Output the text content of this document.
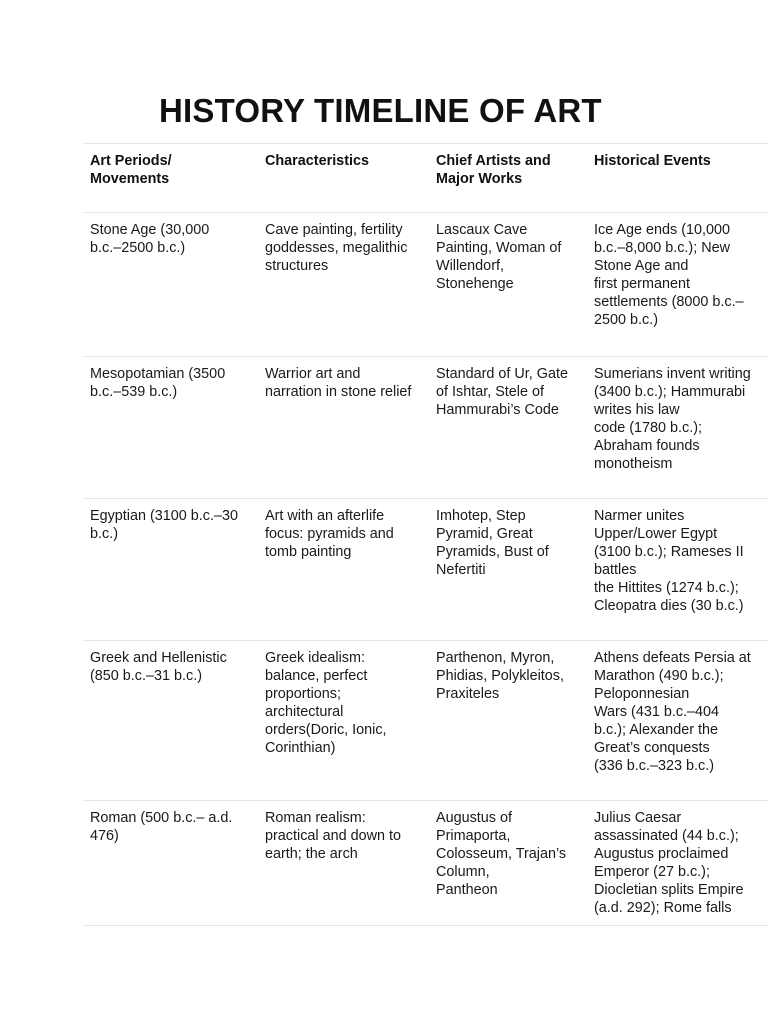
HISTORY TIMELINE OF ART
Art Periods/
Movements
Characteristics	Chief Artists and
Major Works
Historical Events
Stone Age (30,000
b.c.–2500 b.c.)
Cave painting, fertility
goddesses, megalithic
structures
Lascaux Cave
Painting, Woman of
Willendorf,
Stonehenge
Ice Age ends (10,000
b.c.–8,000 b.c.); New
Stone Age and
first permanent
settlements (8000 b.c.–
2500 b.c.)
Mesopotamian (3500
b.c.–539 b.c.)
Warrior art and
narration in stone relief
Standard of Ur, Gate
of Ishtar, Stele of
Hammurabi’s Code
Sumerians invent writing
(3400 b.c.); Hammurabi
writes his law
code (1780 b.c.);
Abraham founds
monotheism
Egyptian (3100 b.c.–30
b.c.)
Art with an afterlife
focus: pyramids and
tomb painting
Imhotep, Step
Pyramid, Great
Pyramids, Bust of
Nefertiti
Narmer unites
Upper/Lower Egypt
(3100 b.c.); Rameses II
battles
the Hittites (1274 b.c.);
Cleopatra dies (30 b.c.)
Greek and Hellenistic
(850 b.c.–31 b.c.)
Greek idealism:
balance, perfect
proportions;
architectural
orders(Doric, Ionic,
Corinthian)
Parthenon, Myron,
Phidias, Polykleitos,
Praxiteles
Athens defeats Persia at
Marathon (490 b.c.);
Peloponnesian
Wars (431 b.c.–404
b.c.); Alexander the
Great’s conquests
(336 b.c.–323 b.c.)
Roman (500 b.c.– a.d.
476)
Roman realism:
practical and down to
earth; the arch
Augustus of
Primaporta,
Colosseum, Trajan’s
Column,
Pantheon
Julius Caesar
assassinated (44 b.c.);
Augustus proclaimed
Emperor (27 b.c.);
Diocletian splits Empire
(a.d. 292); Rome falls
